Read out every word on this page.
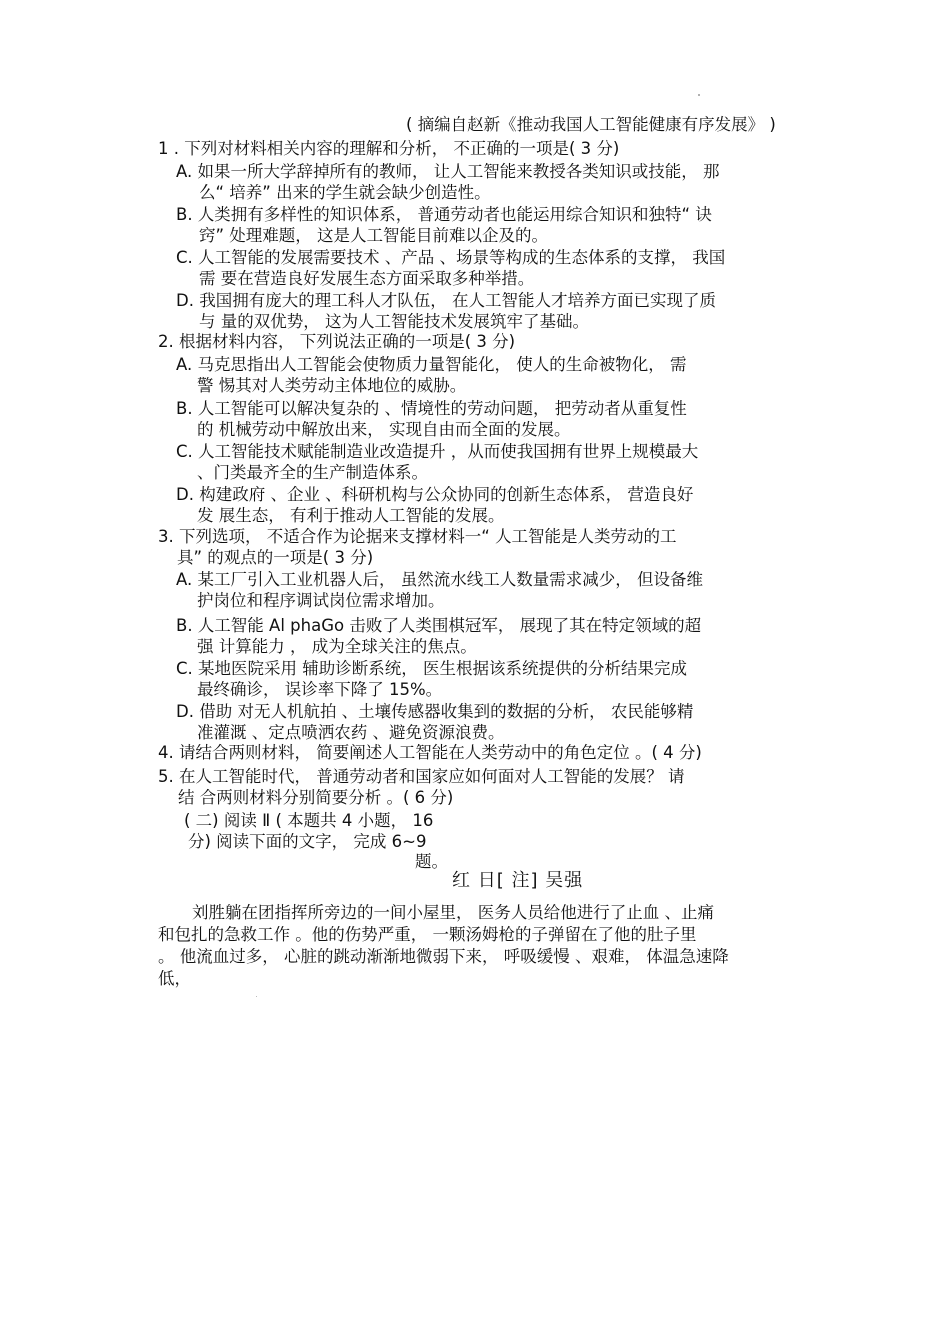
( 摘编自赵新《推动我国人工智能健康有序发展》 )
1 . 下列对材料相关内容的理解和分析， 不正确的一项是( 3 分)
A. 如果一所大学辞掉所有的教师， 让人工智能来教授各类知识或技能， 那
么“ 培养” 出来的学生就会缺少创造性。
B. 人类拥有多样性的知识体系， 普通劳动者也能运用综合知识和独特“ 诀
窍” 处理难题， 这是人工智能目前难以企及的。
C. 人工智能的发展需要技术 、产品 、场景等构成的生态体系的支撑， 我国
需 要在营造良好发展生态方面采取多种举措。
D. 我国拥有庞大的理工科人才队伍， 在人工智能人才培养方面已实现了质
与 量的双优势， 这为人工智能技术发展筑牢了基础。
2. 根据材料内容， 下列说法正确的一项是( 3 分)
A. 马克思指出人工智能会使物质力量智能化， 使人的生命被物化， 需
警 惕其对人类劳动主体地位的威胁。
B. 人工智能可以解决复杂的 、情境性的劳动问题， 把劳动者从重复性
的 机械劳动中解放出来， 实现自由而全面的发展。
C. 人工智能技术赋能制造业改造提升 ，从而使我国拥有世界上规模最大
、门类最齐全的生产制造体系。
D. 构建政府 、企业 、科研机构与公众协同的创新生态体系， 营造良好
发 展生态， 有利于推动人工智能的发展。
3. 下列选项， 不适合作为论据来支撑材料一“ 人工智能是人类劳动的工
具” 的观点的一项是( 3 分)
A. 某工厂引入工业机器人后， 虽然流水线工人数量需求减少， 但设备维
护岗位和程序调试岗位需求增加。
B. 人工智能 Al phaGo 击败了人类围棋冠军， 展现了其在特定领域的超
强 计算能力 ， 成为全球关注的焦点。
C. 某地医院采用 辅助诊断系统， 医生根据该系统提供的分析结果完成
最终确诊， 误诊率下降了 15%。
D. 借助 对无人机航拍 、土壤传感器收集到的数据的分析， 农民能够精
准灌溉 、定点喷洒农药 、避免资源浪费。
4. 请结合两则材料， 简要阐述人工智能在人类劳动中的角色定位 。( 4 分)
5. 在人工智能时代， 普通劳动者和国家应如何面对人工智能的发展？ 请
结 合两则材料分别简要分析 。( 6 分)
( 二) 阅读 Ⅱ ( 本题共 4 小题， 16
分) 阅读下面的文字， 完成 6~9
题。
红 日[ 注] 吴强
刘胜躺在团指挥所旁边的一间小屋里， 医务人员给他进行了止血 、止痛
和包扎的急救工作 。他的伤势严重， 一颗汤姆枪的子弹留在了他的肚子里
。 他流血过多， 心脏的跳动渐渐地微弱下来， 呼吸缓慢 、艰难， 体温急速降
低，
